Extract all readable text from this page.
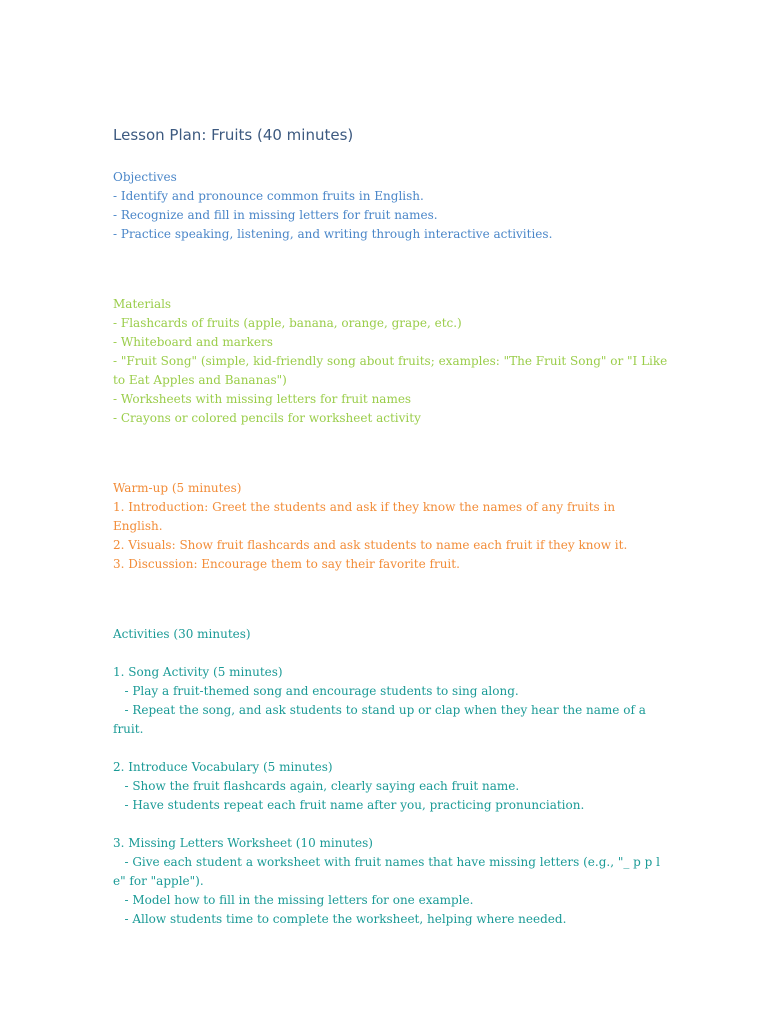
Lesson Plan: Fruits (40 minutes)

Objectives

- Identify and pronounce common fruits in English.

- Recognize and fill in missing letters for fruit names.

- Practice speaking, listening, and writing through interactive activities.

Materials

- Flashcards of fruits (apple, banana, orange, grape, etc.)

- Whiteboard and markers

- "Fruit Song" (simple, kid-friendly song about fruits; examples: "The Fruit Song" or "I Like to Eat Apples and Bananas")

- Worksheets with missing letters for fruit names

- Crayons or colored pencils for worksheet activity

Warm-up (5 minutes)

1. Introduction: Greet the students and ask if they know the names of any fruits in English.

2. Visuals: Show fruit flashcards and ask students to name each fruit if they know it.

3. Discussion: Encourage them to say their favorite fruit.

Activities (30 minutes)

1. Song Activity (5 minutes)

- Play a fruit-themed song and encourage students to sing along.

- Repeat the song, and ask students to stand up or clap when they hear the name of a fruit.

2. Introduce Vocabulary (5 minutes)

- Show the fruit flashcards again, clearly saying each fruit name.

- Have students repeat each fruit name after you, practicing pronunciation.

3. Missing Letters Worksheet (10 minutes)

- Give each student a worksheet with fruit names that have missing letters (e.g., "_ p p l e" for "apple").

- Model how to fill in the missing letters for one example.

- Allow students time to complete the worksheet, helping where needed.
